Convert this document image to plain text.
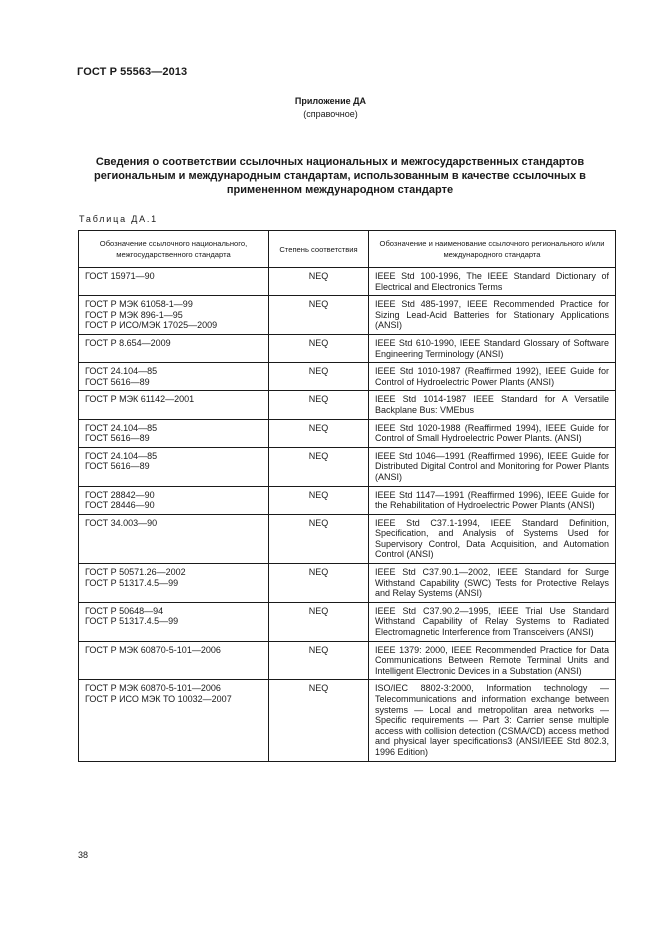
ГОСТ Р 55563—2013
Приложение ДА
(справочное)
Сведения о соответствии ссылочных национальных и межгосударственных стандартов региональным и международным стандартам, использованным в качестве ссылочных в примененном международном стандарте
Таблица ДА.1
Обозначение ссылочного национального, межгосударственного стандарта	Степень соответствия	Обозначение и наименование ссылочного регионального и/или международного стандарта
ГОСТ 15971—90	NEQ	IEEE Std 100-1996, The IEEE Standard Dictionary of Electrical and Electronics Terms
ГОСТ Р МЭК 61058-1—99
ГОСТ Р МЭК 896-1—95
ГОСТ Р ИСО/МЭК 17025—2009	NEQ	IEEE Std 485-1997, IEEE Recommended Practice for Sizing Lead-Acid Batteries for Stationary Applications (ANSI)
ГОСТ Р 8.654—2009	NEQ	IEEE Std 610-1990, IEEE Standard Glossary of Software Engineering Terminology (ANSI)
ГОСТ 24.104—85
ГОСТ 5616—89	NEQ	IEEE Std 1010-1987 (Reaffirmed 1992), IEEE Guide for Control of Hydroelectric Power Plants (ANSI)
ГОСТ Р МЭК 61142—2001	NEQ	IEEE Std 1014-1987 IEEE Standard for A Versatile Backplane Bus: VMEbus
ГОСТ 24.104—85
ГОСТ 5616—89	NEQ	IEEE Std 1020-1988 (Reaffirmed 1994), IEEE Guide for Control of Small Hydroelectric Power Plants. (ANSI)
ГОСТ 24.104—85
ГОСТ 5616—89	NEQ	IEEE Std 1046—1991 (Reaffirmed 1996), IEEE Guide for Distributed Digital Control and Monitoring for Power Plants (ANSI)
ГОСТ 28842—90
ГОСТ 28446—90	NEQ	IEEE Std 1147—1991 (Reaffirmed 1996), IEEE Guide for the Rehabilitation of Hydroelectric Power Plants (ANSI)
ГОСТ 34.003—90	NEQ	IEEE Std C37.1-1994, IEEE Standard Definition, Specification, and Analysis of Systems Used for Supervisory Control, Data Acquisition, and Automation Control (ANSI)
ГОСТ Р 50571.26—2002
ГОСТ Р 51317.4.5—99	NEQ	IEEE Std C37.90.1—2002, IEEE Standard for Surge Withstand Capability (SWC) Tests for Protective Relays and Relay Systems (ANSI)
ГОСТ Р 50648—94
ГОСТ Р 51317.4.5—99	NEQ	IEEE Std C37.90.2—1995, IEEE Trial Use Standard Withstand Capability of Relay Systems to Radiated Electromagnetic Interference from Transceivers (ANSI)
ГОСТ Р МЭК 60870-5-101—2006	NEQ	IEEE 1379: 2000, IEEE Recommended Practice for Data Communications Between Remote Terminal Units and Intelligent Electronic Devices in a Substation (ANSI)
ГОСТ Р МЭК 60870-5-101—2006
ГОСТ Р ИСО МЭК ТО 10032—2007	NEQ	ISO/IEC 8802-3:2000, Information technology — Telecommunications and information exchange between systems — Local and metropolitan area networks — Specific requirements — Part 3: Carrier sense multiple access with collision detection (CSMA/CD) access method and physical layer specifications3 (ANSI/IEEE Std 802.3, 1996 Edition)
38
